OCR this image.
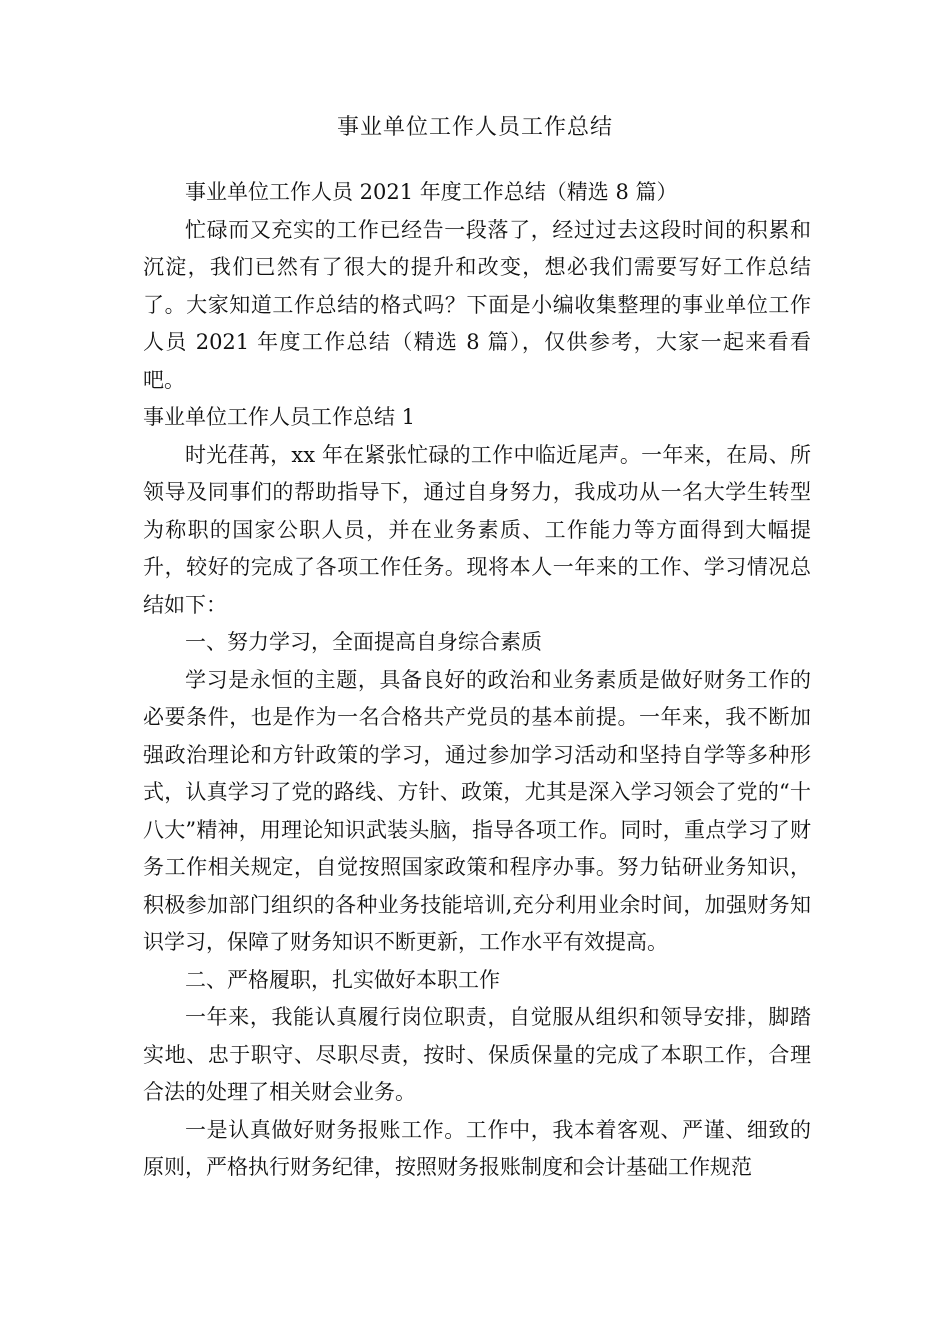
事业单位工作人员工作总结

事业单位工作人员 2021 年度工作总结（精选 8 篇）

忙碌而又充实的工作已经告一段落了，经过过去这段时间的积累和沉淀，我们已然有了很大的提升和改变，想必我们需要写好工作总结了。大家知道工作总结的格式吗？下面是小编收集整理的事业单位工作人员 2021 年度工作总结（精选 8 篇），仅供参考，大家一起来看看吧。

事业单位工作人员工作总结 1

时光荏苒，xx 年在紧张忙碌的工作中临近尾声。一年来，在局、所领导及同事们的帮助指导下，通过自身努力，我成功从一名大学生转型为称职的国家公职人员，并在业务素质、工作能力等方面得到大幅提升，较好的完成了各项工作任务。现将本人一年来的工作、学习情况总结如下：

一、努力学习，全面提高自身综合素质

学习是永恒的主题，具备良好的政治和业务素质是做好财务工作的必要条件，也是作为一名合格共产党员的基本前提。一年来，我不断加强政治理论和方针政策的学习，通过参加学习活动和坚持自学等多种形式，认真学习了党的路线、方针、政策，尤其是深入学习领会了党的“十八大”精神，用理论知识武装头脑，指导各项工作。同时，重点学习了财务工作相关规定，自觉按照国家政策和程序办事。努力钻研业务知识，积极参加部门组织的各种业务技能培训,充分利用业余时间，加强财务知识学习，保障了财务知识不断更新，工作水平有效提高。

二、严格履职，扎实做好本职工作

一年来，我能认真履行岗位职责，自觉服从组织和领导安排，脚踏实地、忠于职守、尽职尽责，按时、保质保量的完成了本职工作，合理合法的处理了相关财会业务。

一是认真做好财务报账工作。工作中，我本着客观、严谨、细致的原则，严格执行财务纪律，按照财务报账制度和会计基础工作规范
